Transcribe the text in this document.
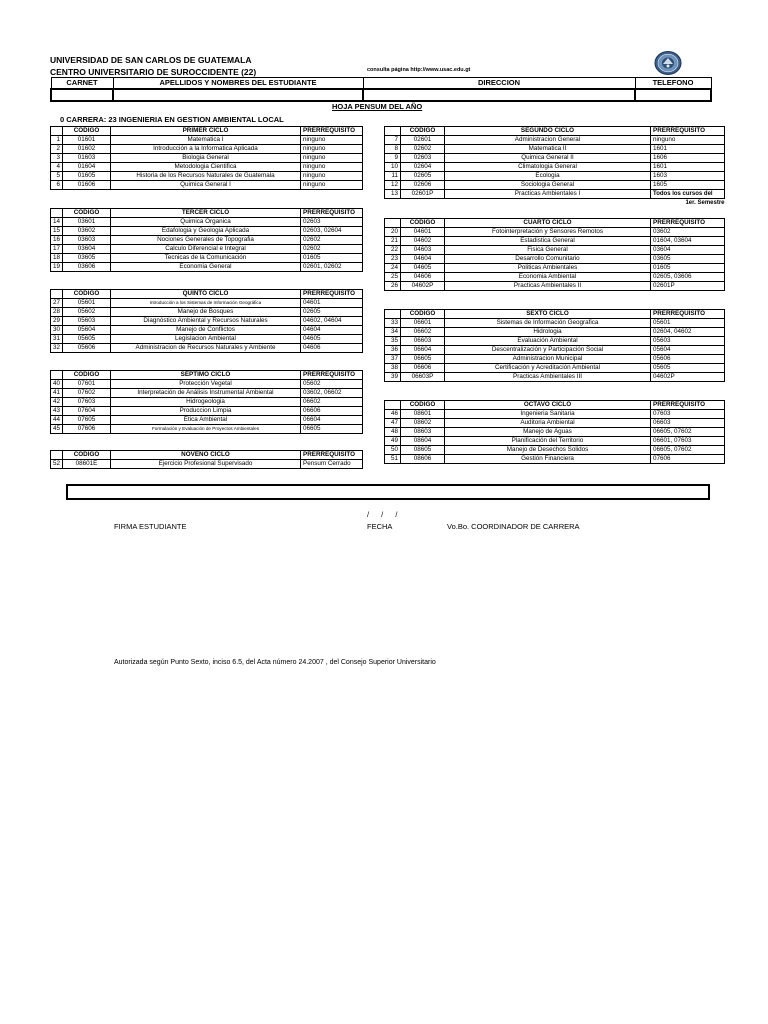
UNIVERSIDAD DE SAN CARLOS DE GUATEMALA
CENTRO UNIVERSITARIO DE SUROCCIDENTE (22)	consulta página http://www.usac.edu.gt
CARNET	APELLIDOS Y NOMBRES DEL ESTUDIANTE	DIRECCION	TELEFONO

HOJA PENSUM DEL AÑO
0 CARRERA: 23 INGENIERIA EN GESTION AMBIENTAL LOCAL
	CODIGO	PRIMER CICLO	PRERREQUISITO
1	01601	Matematica I	ninguno
2	01602	Introducción a la Informatica Aplicada	ninguno
3	01603	Biologia General	ninguno
4	01604	Metodologia Cientifica	ninguno
5	01605	Historia de los Recursos Naturales de Guatemala	ninguno
6	01606	Quimica General I	ninguno
	CODIGO	SEGUNDO CICLO	PRERREQUISITO
7	02601	Administracion General	ninguno
8	02602	Matematica II	1601
9	02603	Quimica General II	1606
10	02604	Climatologia General	1601
11	02605	Ecologia	1603
12	02606	Sociologia General	1605
13	02601P	Practicas Ambientales I	Todos los cursos del
			1er. Semestre
	CODIGO	TERCER CICLO	PRERREQUISITO
14	03601	Quimica Organica	02603
15	03602	Edafologia y Geologia Aplicada	02603, 02604
16	03603	Nociones Generales de Topografia	02602
17	03604	Calculo Diferencial e Integral	02602
18	03605	Tecnicas de la Comunicación	01605
19	03606	Economia General	02601, 02602
	CODIGO	CUARTO CICLO	PRERREQUISITO
20	04601	Fotointerpretación y Sensores Remotos	03602
21	04602	Estadistica General	01604, 03604
22	04603	Fisica General	03604
23	04604	Desarrollo Comunitario	03605
24	04605	Politicas Ambientales	01605
25	04606	Economia Ambiental	02605, 03606
26	04602P	Practicas Ambientales II	02601P
	CODIGO	QUINTO CICLO	PRERREQUISITO
27	05601	Introducción a los Sistemas de Información Geográfica	04601
28	05602	Manejo de Bosques	02605
29	05603	Diagnóstico Ambiental y Recursos Naturales	04602, 04604
30	05604	Manejo de Conflictos	04604
31	05605	Legislacion Ambiental	04605
32	05606	Administracion de Recursos Naturales y Ambiente	04606
	CODIGO	SEXTO CICLO	PRERREQUISITO
33	06601	Sistemas de Información Geografica	05601
34	06602	Hidrologia	02604, 04602
35	06603	Evaluación Ambiental	05603
36	06604	Descentralización y Participación Social	05604
37	06605	Administracion Municipal	05606
38	06606	Certificación y Acreditación Ambiental	05605
39	06603P	Practicas Ambientales III	04602P
	CODIGO	SÉPTIMO CICLO	PRERREQUISITO
40	07601	Protección Vegetal	05602
41	07602	Interpretación de Análisis Instrumental Ambiental	03602, 06602
42	07603	Hidrogeologia	06602
43	07604	Produccion Limpia	06606
44	07605	Ética Ambiental	06604
45	07606	Formulación y Evaluación de Proyectos Ambientales	06605
	CODIGO	OCTAVO CICLO	PRERREQUISITO
46	08601	Ingenieria Sanitaria	07603
47	08602	Auditoria Ambiental	06603
48	08603	Manejo de Aguas	06605, 07602
49	08604	Planificación del Territorio	06601, 07603
50	08605	Manejo de Desechos Solidos	06605, 07602
51	08606	Gestión Financiera	07606
	CODIGO	NOVENO CICLO	PRERREQUISITO
52	08601E	Ejercicio Profesional Supervisado	Pensum Cerrado
/ / /
FIRMA ESTUDIANTE	FECHA	Vo.Bo. COORDINADOR DE CARRERA
Autorizada según Punto Sexto, inciso 6.5, del Acta número 24.2007 , del Consejo Superior Universitario
